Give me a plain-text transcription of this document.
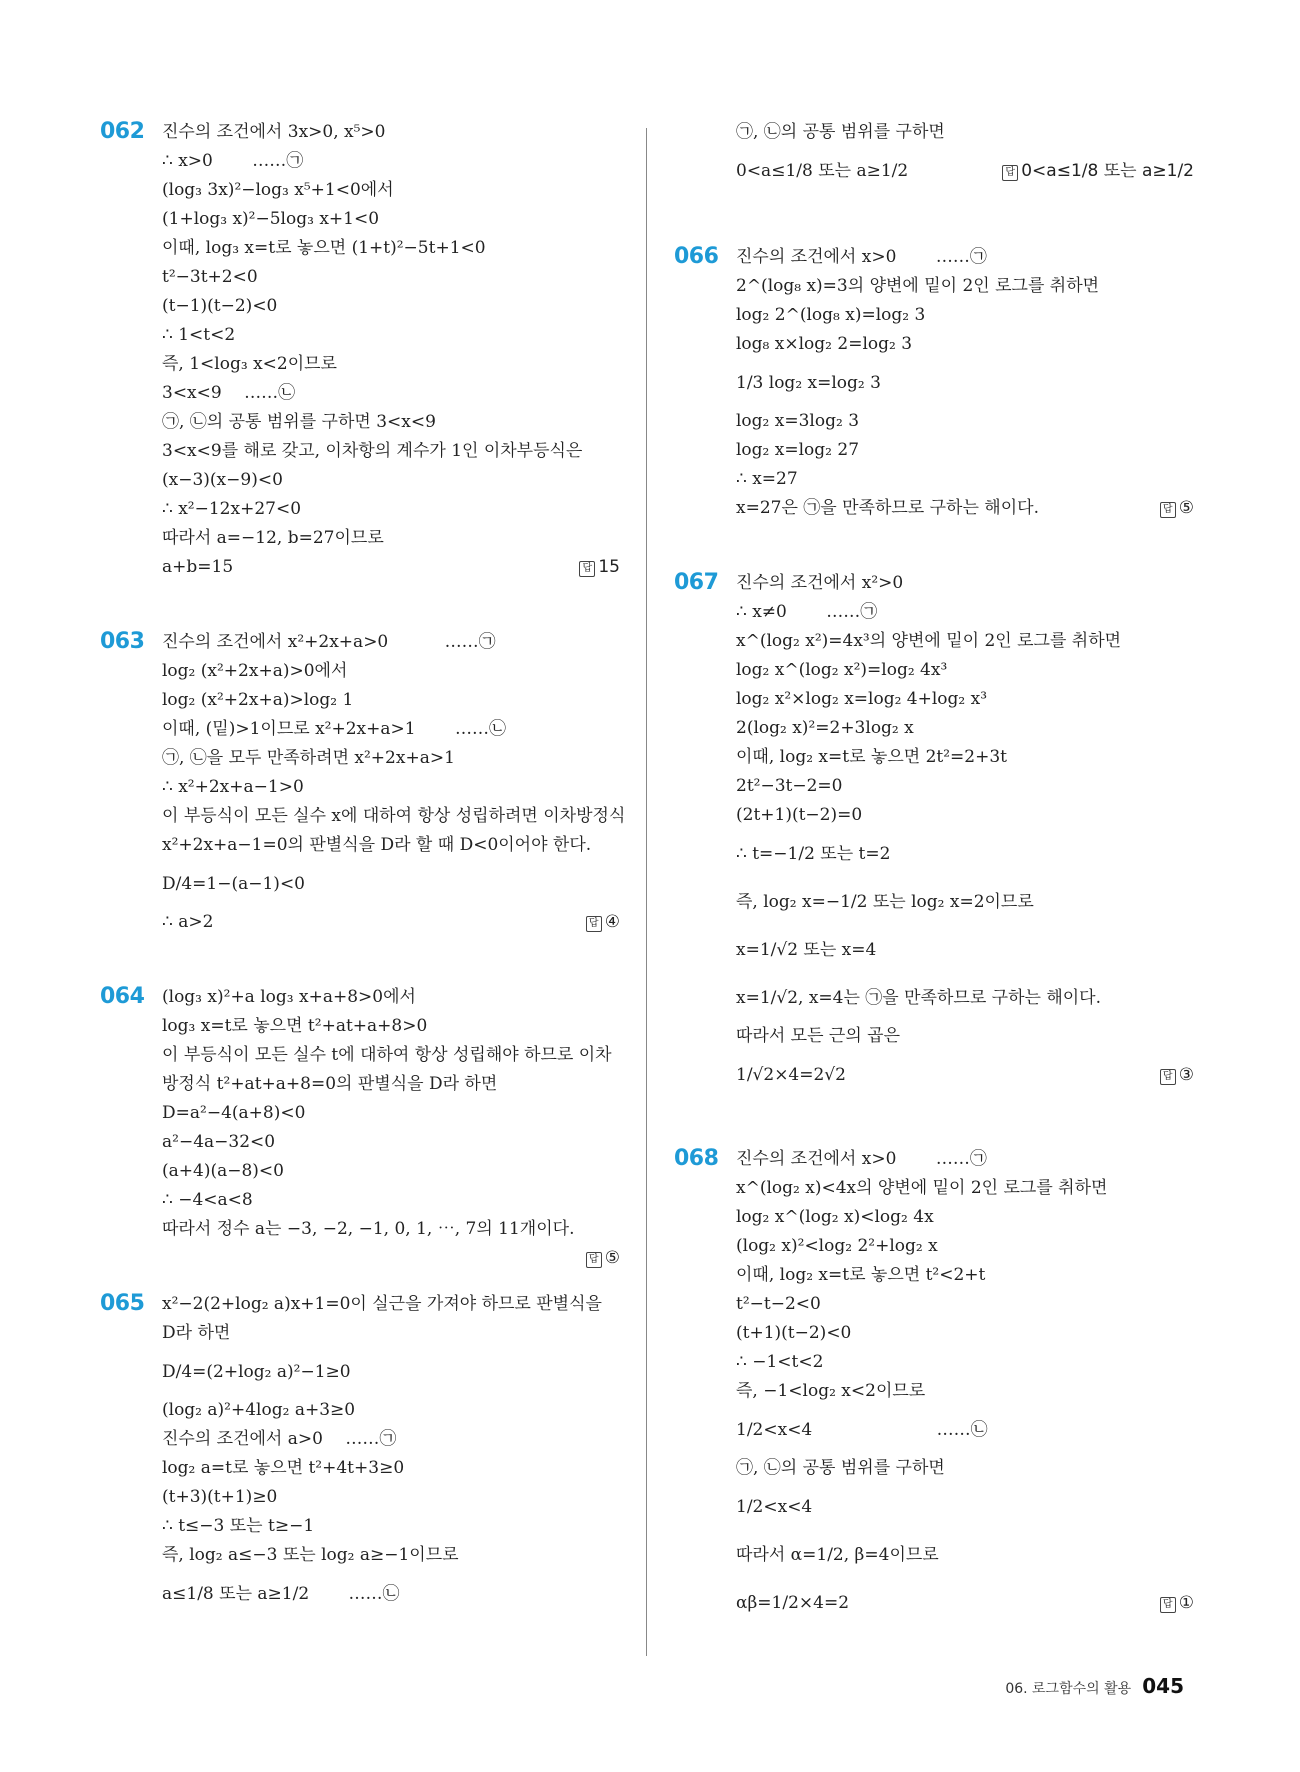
062 진수의 조건에서 3x>0, x⁵>0
∴ x>0　　 ……㉠
(log₃ 3x)²−log₃ x⁵+1<0에서
(1+log₃ x)²−5log₃ x+1<0
이때, log₃ x=t로 놓으면 (1+t)²−5t+1<0
t²−3t+2<0
(t−1)(t−2)<0
∴ 1<t<2
즉, 1<log₃ x<2이므로
3<x<9　 ……㉡
㉠, ㉡의 공통 범위를 구하면 3<x<9
3<x<9를 해로 갖고, 이차항의 계수가 1인 이차부등식은
(x−3)(x−9)<0
∴ x²−12x+27<0
따라서 a=−12, b=27이므로
a+b=15	답 15
063 진수의 조건에서 x²+2x+a>0　　　 ……㉠
log₂ (x²+2x+a)>0에서
log₂ (x²+2x+a)>log₂ 1
이때, (밑)>1이므로 x²+2x+a>1　　 ……㉡
㉠, ㉡을 모두 만족하려면 x²+2x+a>1
∴ x²+2x+a−1>0
이 부등식이 모든 실수 x에 대하여 항상 성립하려면 이차방정식
x²+2x+a−1=0의 판별식을 D라 할 때 D<0이어야 한다.
D/4=1−(a−1)<0
∴ a>2	답 ④
064 (log₃ x)²+a log₃ x+a+8>0에서
log₃ x=t로 놓으면 t²+at+a+8>0
이 부등식이 모든 실수 t에 대하여 항상 성립해야 하므로 이차
방정식 t²+at+a+8=0의 판별식을 D라 하면
D=a²−4(a+8)<0
a²−4a−32<0
(a+4)(a−8)<0
∴ −4<a<8
따라서 정수 a는 −3, −2, −1, 0, 1, ⋯, 7의 11개이다.
답 ⑤
065 x²−2(2+log₂ a)x+1=0이 실근을 가져야 하므로 판별식을
D라 하면
D/4=(2+log₂ a)²−1≥0
(log₂ a)²+4log₂ a+3≥0
진수의 조건에서 a>0　 ……㉠
log₂ a=t로 놓으면 t²+4t+3≥0
(t+3)(t+1)≥0
∴ t≤−3 또는 t≥−1
즉, log₂ a≤−3 또는 log₂ a≥−1이므로
a≤1/8 또는 a≥1/2　　 ……㉡
㉠, ㉡의 공통 범위를 구하면
0<a≤1/8 또는 a≥1/2	답 0<a≤1/8 또는 a≥1/2
066 진수의 조건에서 x>0　　 ……㉠
2^(log₈ x)=3의 양변에 밑이 2인 로그를 취하면
log₂ 2^(log₈ x)=log₂ 3
log₈ x×log₂ 2=log₂ 3
1/3 log₂ x=log₂ 3
log₂ x=3log₂ 3
log₂ x=log₂ 27
∴ x=27
x=27은 ㉠을 만족하므로 구하는 해이다.	답 ⑤
067 진수의 조건에서 x²>0
∴ x≠0　　 ……㉠
x^(log₂ x²)=4x³의 양변에 밑이 2인 로그를 취하면
log₂ x^(log₂ x²)=log₂ 4x³
log₂ x²×log₂ x=log₂ 4+log₂ x³
2(log₂ x)²=2+3log₂ x
이때, log₂ x=t로 놓으면 2t²=2+3t
2t²−3t−2=0
(2t+1)(t−2)=0
∴ t=−1/2 또는 t=2
즉, log₂ x=−1/2 또는 log₂ x=2이므로
x=1/√2 또는 x=4
x=1/√2, x=4는 ㉠을 만족하므로 구하는 해이다.
따라서 모든 근의 곱은
1/√2×4=2√2	답 ③
068 진수의 조건에서 x>0　　 ……㉠
x^(log₂ x)<4x의 양변에 밑이 2인 로그를 취하면
log₂ x^(log₂ x)<log₂ 4x
(log₂ x)²<log₂ 2²+log₂ x
이때, log₂ x=t로 놓으면 t²<2+t
t²−t−2<0
(t+1)(t−2)<0
∴ −1<t<2
즉, −1<log₂ x<2이므로
1/2<x<4　　　　　　　 ……㉡
㉠, ㉡의 공통 범위를 구하면
1/2<x<4
따라서 α=1/2, β=4이므로
αβ=1/2×4=2	답 ①
06. 로그함수의 활용 045
